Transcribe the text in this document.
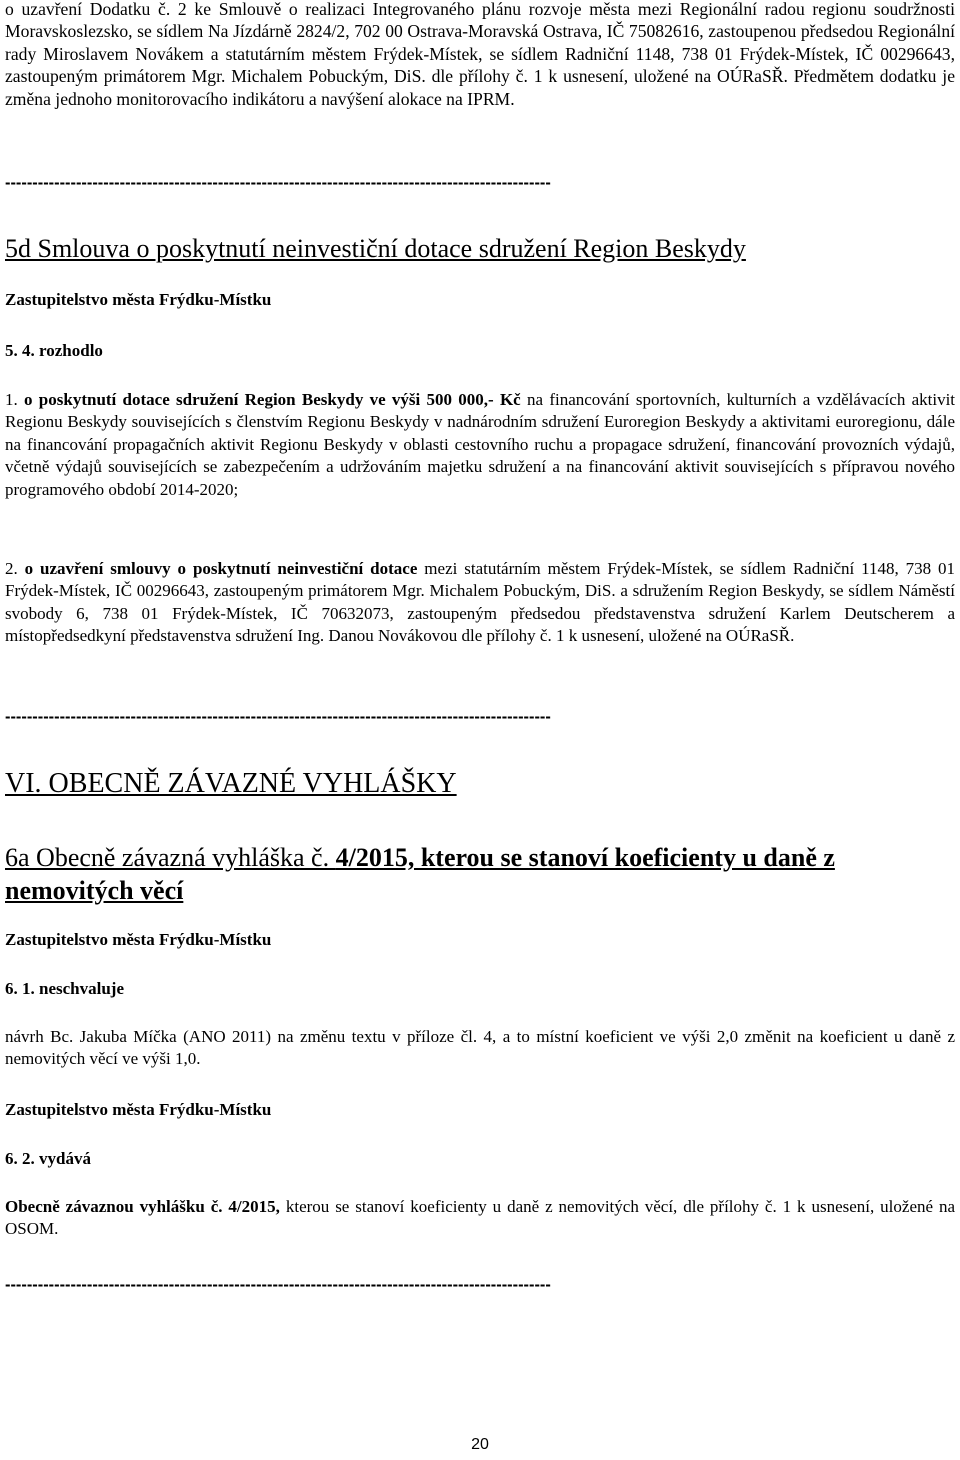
o uzavření Dodatku č. 2 ke Smlouvě o realizaci Integrovaného plánu rozvoje města mezi Regionální radou regionu soudržnosti Moravskoslezsko, se sídlem Na Jízdárně 2824/2, 702 00 Ostrava-Moravská Ostrava, IČ 75082616, zastoupenou předsedou Regionální rady Miroslavem Novákem a statutárním městem Frýdek-Místek, se sídlem Radniční 1148, 738 01 Frýdek-Místek, IČ 00296643, zastoupeným primátorem Mgr. Michalem Pobuckým, DiS. dle přílohy č. 1 k usnesení, uložené na OÚRaSŘ. Předmětem dodatku je změna jednoho monitorovacího indikátoru a navýšení alokace na IPRM.

----------------------------------------------------------------------------------------------------
5d Smlouva o poskytnutí neinvestiční dotace sdružení Region Beskydy
Zastupitelstvo města Frýdku-Místku
5. 4. rozhodlo

1. o poskytnutí dotace sdružení Region Beskydy ve výši 500 000,- Kč na financování sportovních, kulturních a vzdělávacích aktivit Regionu Beskydy souvisejících s členstvím Regionu Beskydy v nadnárodním sdružení Euroregion Beskydy a aktivitami euroregionu, dále na financování propagačních aktivit Regionu Beskydy v oblasti cestovního ruchu a propagace sdružení, financování provozních výdajů, včetně výdajů souvisejících se zabezpečením a udržováním majetku sdružení a na financování aktivit souvisejících s přípravou nového programového období 2014-2020;

2. o uzavření smlouvy o poskytnutí neinvestiční dotace mezi statutárním městem Frýdek-Místek, se sídlem Radniční 1148, 738 01 Frýdek-Místek, IČ 00296643, zastoupeným primátorem Mgr. Michalem Pobuckým, DiS. a sdružením Region Beskydy, se sídlem Náměstí svobody 6, 738 01 Frýdek-Místek, IČ 70632073, zastoupeným předsedou představenstva sdružení Karlem Deutscherem a místopředsedkyní představenstva sdružení Ing. Danou Novákovou dle přílohy č. 1 k usnesení, uložené na OÚRaSŘ.

----------------------------------------------------------------------------------------------------
VI. OBECNĚ ZÁVAZNÉ VYHLÁŠKY
6a Obecně závazná vyhláška č. 4/2015, kterou se stanoví koeficienty u daně z nemovitých věcí
Zastupitelstvo města Frýdku-Místku
6. 1. neschvaluje

návrh Bc. Jakuba Míčka (ANO 2011) na změnu textu v příloze čl. 4, a to místní koeficient ve výši 2,0 změnit na koeficient u daně z nemovitých věcí ve výši 1,0.

Zastupitelstvo města Frýdku-Místku
6. 2. vydává

Obecně závaznou vyhlášku č. 4/2015, kterou se stanoví koeficienty u daně z nemovitých věcí, dle přílohy č. 1 k usnesení, uložené na OSOM.

----------------------------------------------------------------------------------------------------
20
